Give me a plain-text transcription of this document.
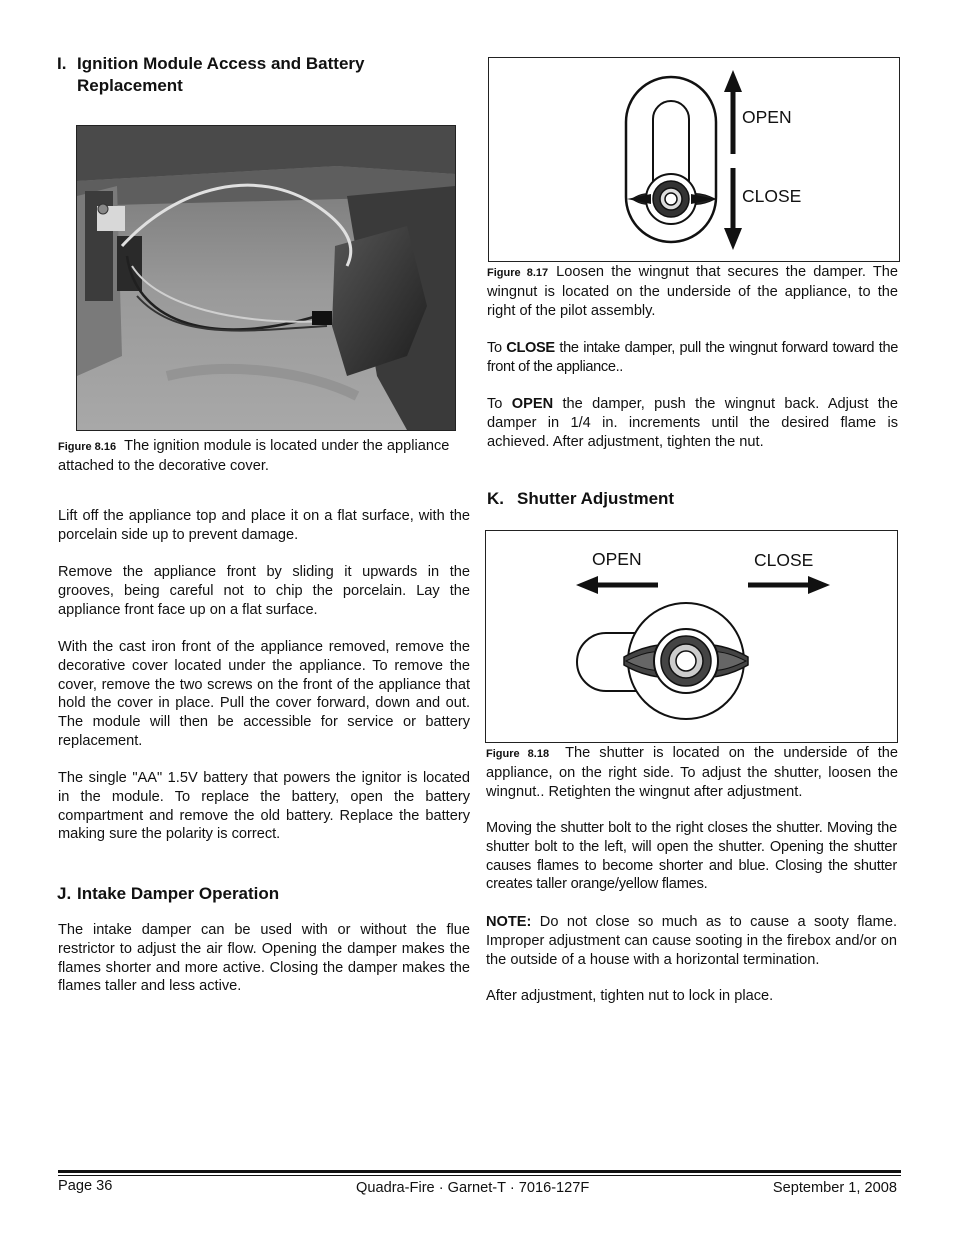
I. Ignition Module Access and Battery
Replacement

Figure 8.16 The ignition module is located under the appliance
attached to the decorative cover.

Lift off the appliance top and place it on a flat surface, with the porcelain side up to prevent damage.

Remove the appliance front by sliding it upwards in the grooves, being careful not to chip the porcelain. Lay the appliance front face up on a flat surface.

With the cast iron front of the appliance removed, remove the decorative cover located under the appliance. To remove the cover, remove the two screws on the front of the appliance that hold the cover in place. Pull the cover forward, down and out. The module will then be accessible for service or battery replacement.

The single "AA" 1.5V battery that powers the ignitor is located in the module. To replace the battery, open the battery compartment and remove the old battery. Replace the battery making sure the polarity is correct.

J. Intake Damper Operation

The intake damper can be used with or without the flue restrictor to adjust the air flow. Opening the damper makes the flames shorter and more active. Closing the damper makes the flames taller and less active.

OPEN
CLOSE

Figure 8.17 Loosen the wingnut that secures the damper. The wingnut is located on the underside of the appliance, to the right of the pilot assembly.

To CLOSE the intake damper, pull the wingnut forward toward the front of the appliance..

To OPEN the damper, push the wingnut back. Adjust the damper in 1/4 in. increments until the desired flame is achieved. After adjustment, tighten the nut.

K. Shutter Adjustment
OPEN	CLOSE

Figure 8.18 The shutter is located on the underside of the appliance, on the right side. To adjust the shutter, loosen the wingnut.. Retighten the wingnut after adjustment.

Moving the shutter bolt to the right closes the shutter. Moving the shutter bolt to the left, will open the shutter. Opening the shutter causes flames to become shorter and blue. Closing the shutter creates taller orange/yellow flames.

NOTE: Do not close so much as to cause a sooty flame. Improper adjustment can cause sooting in the firebox and/or on the outside of a house with a horizontal termination.

After adjustment, tighten nut to lock in place.

Page 36	Quadra-Fire · Garnet-T · 7016-127F	September 1, 2008
